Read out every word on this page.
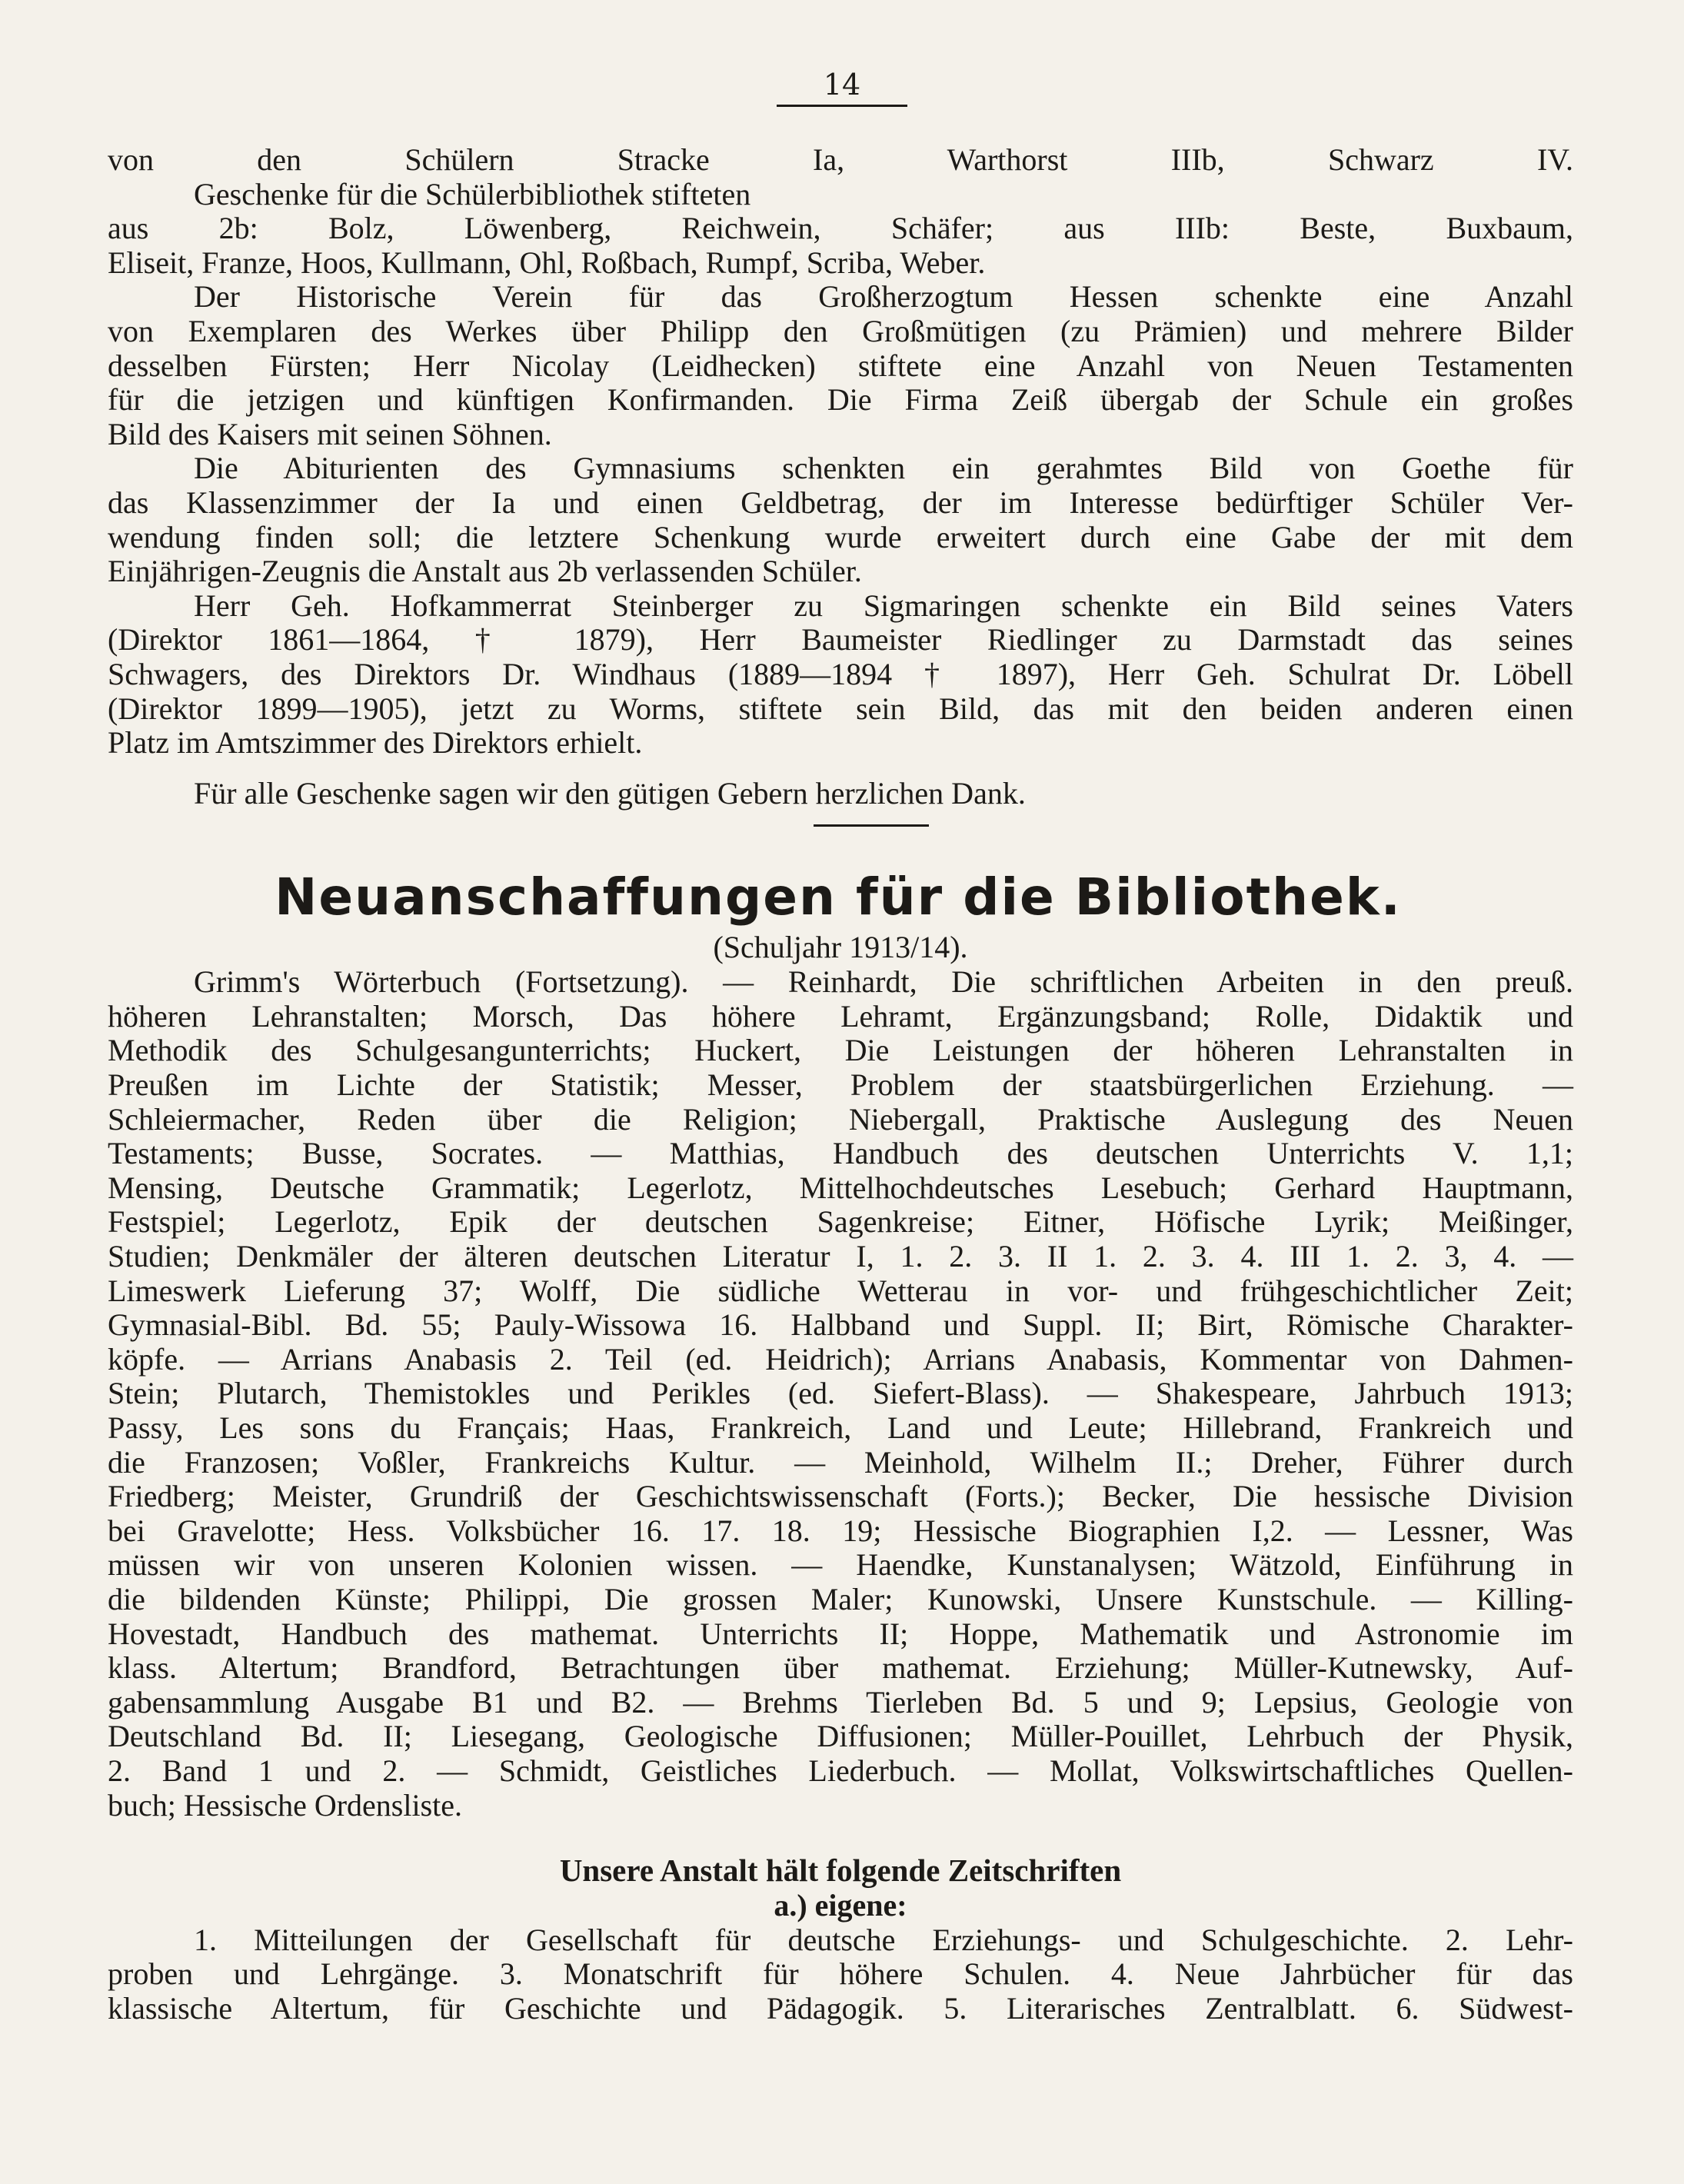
14
von den Schülern Stracke Ia, Warthorst IIIb, Schwarz IV.
Geschenke für die Schülerbibliothek stifteten
aus 2b: Bolz, Löwenberg, Reichwein, Schäfer; aus IIIb: Beste, Buxbaum,
Eliseit, Franze, Hoos, Kullmann, Ohl, Roßbach, Rumpf, Scriba, Weber.
Der Historische Verein für das Großherzogtum Hessen schenkte eine Anzahl
von Exemplaren des Werkes über Philipp den Großmütigen (zu Prämien) und mehrere Bilder
desselben Fürsten; Herr Nicolay (Leidhecken) stiftete eine Anzahl von Neuen Testamenten
für die jetzigen und künftigen Konfirmanden. Die Firma Zeiß übergab der Schule ein großes
Bild des Kaisers mit seinen Söhnen.
Die Abiturienten des Gymnasiums schenkten ein gerahmtes Bild von Goethe für
das Klassenzimmer der Ia und einen Geldbetrag, der im Interesse bedürftiger Schüler Ver-
wendung finden soll; die letztere Schenkung wurde erweitert durch eine Gabe der mit dem
Einjährigen-Zeugnis die Anstalt aus 2b verlassenden Schüler.
Herr Geh. Hofkammerrat Steinberger zu Sigmaringen schenkte ein Bild seines Vaters
(Direktor 1861—1864, † 1879), Herr Baumeister Riedlinger zu Darmstadt das seines
Schwagers, des Direktors Dr. Windhaus (1889—1894 † 1897), Herr Geh. Schulrat Dr. Löbell
(Direktor 1899—1905), jetzt zu Worms, stiftete sein Bild, das mit den beiden anderen einen
Platz im Amtszimmer des Direktors erhielt.
Für alle Geschenke sagen wir den gütigen Gebern herzlichen Dank.
Neuanschaffungen für die Bibliothek.
(Schuljahr 1913/14).
Grimm's Wörterbuch (Fortsetzung). — Reinhardt, Die schriftlichen Arbeiten in den preuß.
höheren Lehranstalten; Morsch, Das höhere Lehramt, Ergänzungsband; Rolle, Didaktik und
Methodik des Schulgesangunterrichts; Huckert, Die Leistungen der höheren Lehranstalten in
Preußen im Lichte der Statistik; Messer, Problem der staatsbürgerlichen Erziehung. —
Schleiermacher, Reden über die Religion; Niebergall, Praktische Auslegung des Neuen
Testaments; Busse, Socrates. — Matthias, Handbuch des deutschen Unterrichts V. 1,1;
Mensing, Deutsche Grammatik; Legerlotz, Mittelhochdeutsches Lesebuch; Gerhard Hauptmann,
Festspiel; Legerlotz, Epik der deutschen Sagenkreise; Eitner, Höfische Lyrik; Meißinger,
Studien; Denkmäler der älteren deutschen Literatur I, 1. 2. 3. II 1. 2. 3. 4. III 1. 2. 3, 4. —
Limeswerk Lieferung 37; Wolff, Die südliche Wetterau in vor- und frühgeschichtlicher Zeit;
Gymnasial-Bibl. Bd. 55; Pauly-Wissowa 16. Halbband und Suppl. II; Birt, Römische Charakter-
köpfe. — Arrians Anabasis 2. Teil (ed. Heidrich); Arrians Anabasis, Kommentar von Dahmen-
Stein; Plutarch, Themistokles und Perikles (ed. Siefert-Blass). — Shakespeare, Jahrbuch 1913;
Passy, Les sons du Français; Haas, Frankreich, Land und Leute; Hillebrand, Frankreich und
die Franzosen; Voßler, Frankreichs Kultur. — Meinhold, Wilhelm II.; Dreher, Führer durch
Friedberg; Meister, Grundriß der Geschichtswissenschaft (Forts.); Becker, Die hessische Division
bei Gravelotte; Hess. Volksbücher 16. 17. 18. 19; Hessische Biographien I,2. — Lessner, Was
müssen wir von unseren Kolonien wissen. — Haendke, Kunstanalysen; Wätzold, Einführung in
die bildenden Künste; Philippi, Die grossen Maler; Kunowski, Unsere Kunstschule. — Killing-
Hovestadt, Handbuch des mathemat. Unterrichts II; Hoppe, Mathematik und Astronomie im
klass. Altertum; Brandford, Betrachtungen über mathemat. Erziehung; Müller-Kutnewsky, Auf-
gabensammlung Ausgabe B1 und B2. — Brehms Tierleben Bd. 5 und 9; Lepsius, Geologie von
Deutschland Bd. II; Liesegang, Geologische Diffusionen; Müller-Pouillet, Lehrbuch der Physik,
2. Band 1 und 2. — Schmidt, Geistliches Liederbuch. — Mollat, Volkswirtschaftliches Quellen-
buch; Hessische Ordensliste.
Unsere Anstalt hält folgende Zeitschriften
a.) eigene:
1. Mitteilungen der Gesellschaft für deutsche Erziehungs- und Schulgeschichte. 2. Lehr-
proben und Lehrgänge. 3. Monatschrift für höhere Schulen. 4. Neue Jahrbücher für das
klassische Altertum, für Geschichte und Pädagogik. 5. Literarisches Zentralblatt. 6. Südwest-
